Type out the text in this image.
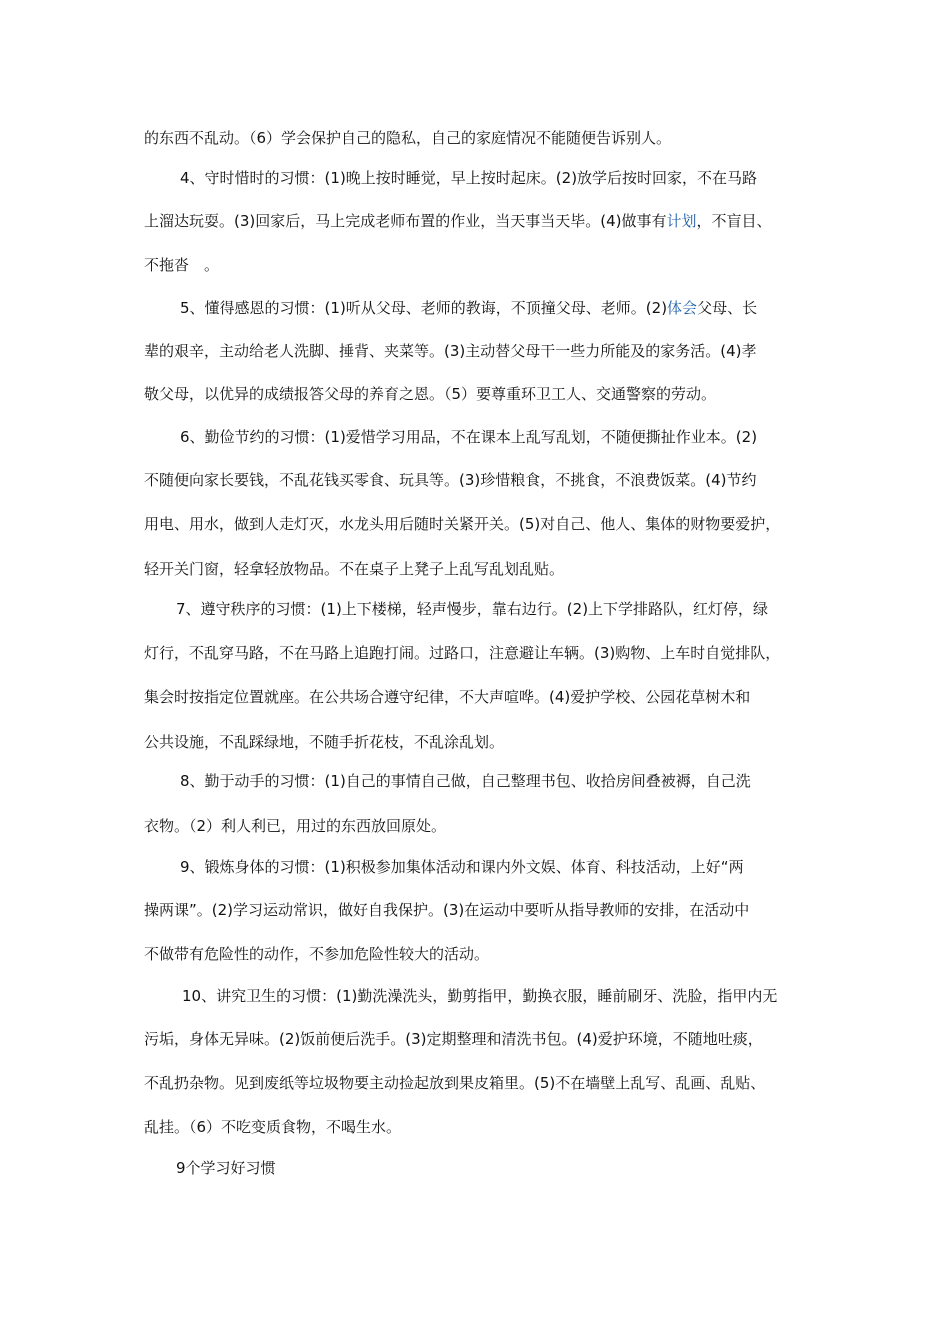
的东西不乱动。（6）学会保护自己的隐私，自己的家庭情况不能随便告诉别人。
4、守时惜时的习惯：(1)晚上按时睡觉，早上按时起床。(2)放学后按时回家，不在马路
上溜达玩耍。(3)回家后，马上完成老师布置的作业，当天事当天毕。(4)做事有计划，不盲目、
不拖沓　。
5、懂得感恩的习惯：(1)听从父母、老师的教诲，不顶撞父母、老师。(2)体会父母、长
辈的艰辛，主动给老人洗脚、捶背、夹菜等。(3)主动替父母干一些力所能及的家务活。(4)孝
敬父母，以优异的成绩报答父母的养育之恩。（5）要尊重环卫工人、交通警察的劳动。
6、勤俭节约的习惯：(1)爱惜学习用品，不在课本上乱写乱划，不随便撕扯作业本。(2)
不随便向家长要钱，不乱花钱买零食、玩具等。(3)珍惜粮食，不挑食，不浪费饭菜。(4)节约
用电、用水，做到人走灯灭，水龙头用后随时关紧开关。(5)对自己、他人、集体的财物要爱护，
轻开关门窗，轻拿轻放物品。不在桌子上凳子上乱写乱划乱贴。
7、遵守秩序的习惯：(1)上下楼梯，轻声慢步，靠右边行。(2)上下学排路队，红灯停，绿
灯行，不乱穿马路，不在马路上追跑打闹。过路口，注意避让车辆。(3)购物、上车时自觉排队，
集会时按指定位置就座。在公共场合遵守纪律，不大声喧哗。(4)爱护学校、公园花草树木和
公共设施，不乱踩绿地，不随手折花枝，不乱涂乱划。
8、勤于动手的习惯：(1)自己的事情自己做，自己整理书包、收拾房间叠被褥，自己洗
衣物。（2）利人利已，用过的东西放回原处。
9、锻炼身体的习惯：(1)积极参加集体活动和课内外文娱、体育、科技活动，上好“两
操两课”。(2)学习运动常识，做好自我保护。(3)在运动中要听从指导教师的安排，在活动中
不做带有危险性的动作，不参加危险性较大的活动。
10、讲究卫生的习惯：(1)勤洗澡洗头，勤剪指甲，勤换衣服，睡前刷牙、洗脸，指甲内无
污垢，身体无异味。(2)饭前便后洗手。(3)定期整理和清洗书包。(4)爱护环境，不随地吐痰，
不乱扔杂物。见到废纸等垃圾物要主动捡起放到果皮箱里。(5)不在墙壁上乱写、乱画、乱贴、
乱挂。（6）不吃变质食物，不喝生水。
9个学习好习惯
